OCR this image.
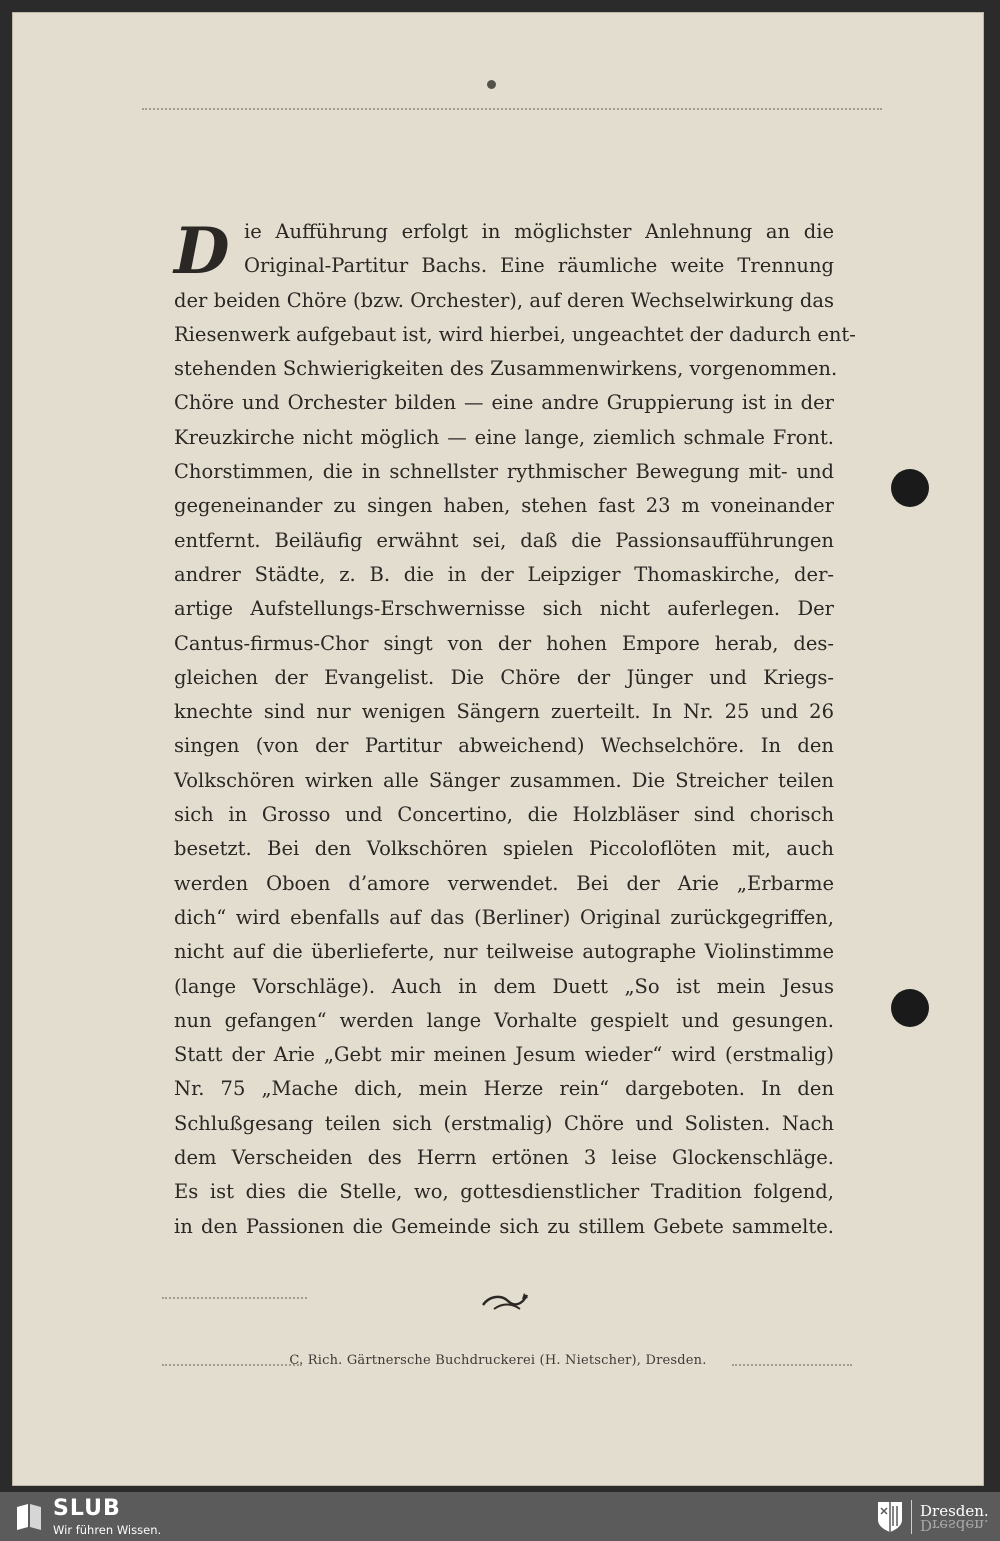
D ie Aufführung erfolgt in möglichster Anlehnung an die
Original-Partitur Bachs. Eine räumliche weite Trennung
der beiden Chöre (bzw. Orchester), auf deren Wechselwirkung das
Riesenwerk aufgebaut ist, wird hierbei, ungeachtet der dadurch ent-
stehenden Schwierigkeiten des Zusammenwirkens, vorgenommen.
Chöre und Orchester bilden — eine andre Gruppierung ist in der
Kreuzkirche nicht möglich — eine lange, ziemlich schmale Front.
Chorstimmen, die in schnellster rythmischer Bewegung mit- und
gegeneinander zu singen haben, stehen fast 23 m voneinander
entfernt. Beiläufig erwähnt sei, daß die Passionsaufführungen
andrer Städte, z. B. die in der Leipziger Thomaskirche, der-
artige Aufstellungs-Erschwernisse sich nicht auferlegen. Der
Cantus-firmus-Chor singt von der hohen Empore herab, des-
gleichen der Evangelist. Die Chöre der Jünger und Kriegs-
knechte sind nur wenigen Sängern zuerteilt. In Nr. 25 und 26
singen (von der Partitur abweichend) Wechselchöre. In den
Volkschören wirken alle Sänger zusammen. Die Streicher teilen
sich in Grosso und Concertino, die Holzbläser sind chorisch
besetzt. Bei den Volkschören spielen Piccoloflöten mit, auch
werden Oboen d’amore verwendet. Bei der Arie „Erbarme
dich“ wird ebenfalls auf das (Berliner) Original zurückgegriffen,
nicht auf die überlieferte, nur teilweise autographe Violinstimme
(lange Vorschläge). Auch in dem Duett „So ist mein Jesus
nun gefangen“ werden lange Vorhalte gespielt und gesungen.
Statt der Arie „Gebt mir meinen Jesum wieder“ wird (erstmalig)
Nr. 75 „Mache dich, mein Herze rein“ dargeboten. In den
Schlußgesang teilen sich (erstmalig) Chöre und Solisten. Nach
dem Verscheiden des Herrn ertönen 3 leise Glockenschläge.
Es ist dies die Stelle, wo, gottesdienstlicher Tradition folgend,
in den Passionen die Gemeinde sich zu stillem Gebete sammelte.
C. Rich. Gärtnersche Buchdruckerei (H. Nietscher), Dresden.
SLUB
Wir führen Wissen.
Dresden.
Dresden.
